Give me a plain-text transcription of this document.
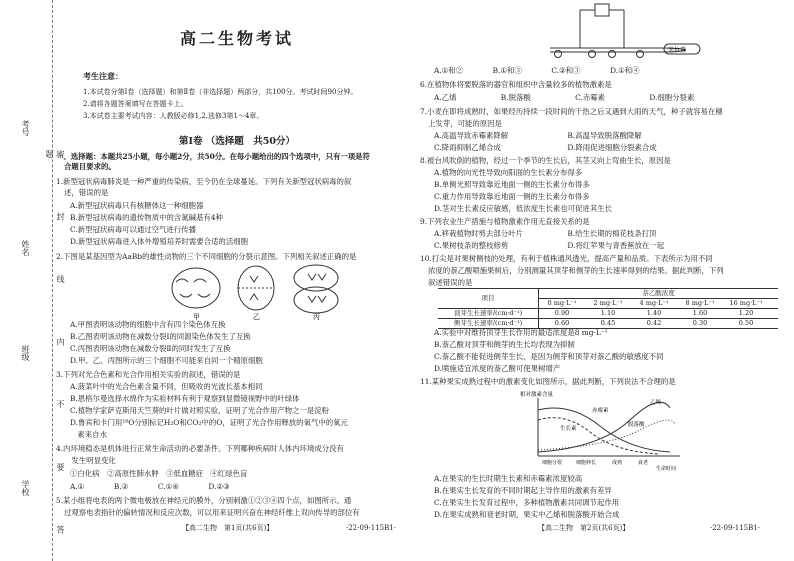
考号
姓名
班级
学校	密 封 线 内 不 要 答 题
高二生物考试
考生注意：
1.本试卷分第Ⅰ卷（选择题）和第Ⅱ卷（非选择题）两部分，共100分。考试时间90分钟。
2.请将各题答案填写在答题卡上。
3.本试卷主要考试内容：人教版必修1,2,选修3第1～4章。
第Ⅰ卷 （选择题　共50分）
一、选择题：本题共25小题，每小题2分，共50分。在每小题给出的四个选项中，只有一项是符
合题目要求的。
1.新型冠状病毒肺炎是一种严重的传染病，至今仍在全球蔓延。下列有关新型冠状病毒的叙
述，错误的是
A.新型冠状病毒只有核糖体这一种细胞器
B.新型冠状病毒的遗传物质中的含氮碱基有4种
C.新型冠状病毒可以通过空气进行传播
D.新型冠状病毒进入体外增殖培养时需要合适的活细胞
2.下图是某基因型为AaBb的雄性动物的三个不同细胞的分裂示意图。下列相关叙述正确的是
甲	乙	丙
A.甲图表明该动物的细胞中含有四个染色体互换
B.乙图表明该动物在减数分裂Ⅰ的同源染色体发生了互换
C.丙图表明该动物在减数分裂Ⅱ的同时发生了互换
D.甲、乙、丙图所示的三个细胞不可能来自同一个精原细胞
3.下列对光合色素和光合作用相关实验的叙述，错误的是
A.菠菜叶中的光合色素含量不同，但吸收的光波长基本相同
B.恩格尔曼选择水绵作为实验材料有利于观察到显微镜视野中的叶绿体
C.植物学家萨克斯用天竺葵的叶片做对照实验，证明了光合作用产物之一是淀粉
D.鲁宾和卡门用¹⁸O分别标记H₂O和CO₂中的O，证明了光合作用释放的氧气中的氧元
　素来自水
4.内环境稳态是机体进行正常生命活动的必要条件。下列哪种疾病时人体内环境成分没有
　发生明显变化
①白化病　②高原性肺水肿　③低血糖症　④红绿色盲
A.①　　　　B.②　　　　C.①④　　　　D.②③
5.某小组将电表的两个微电极放在神经元的膜外，分别刺激①②③④四个点，如图所示。通
过观察电表指针的偏转情况和反应次数，可以用来证明兴奋在神经纤维上双向传导的部位有
【高二生物　第1页(共6页)】	·22-09-115B1·
坐位置
A.①和②　　　　B.①和③　　　　C.②和③　　　　D.①和④
6.在植物体将要脱落的器官和组织中含量较多的植物激素是
A.乙烯　　　　　　B.脱落酸　　　　　　C.赤霉素　　　　　　D.细胞分裂素
7.小麦在即将成熟时，如果经历持续一段时间的干热之后又遇到大雨的天气，种子就容易在穗
上发芽，可能的原因是
A.高温导致赤霉素降解　　　　　　　　B.高温导致脱落酸降解
C.降雨抑制乙烯合成　　　　　　　　　D.降雨促进细胞分裂素合成
8.被台风吹倒的植物，经过一个季节的生长后，其茎又向上弯曲生长，原因是
A.植物的向光性导致向阳面的生长素分布得多
B.单侧光照导致靠近地面一侧的生长素分布得多
C.重力作用导致靠近地面一侧的生长素分布得多
D.茎对生长素反应敏感，低浓度生长素也可促进其生长
9.下列农业生产措施与植物激素作用无直接关系的是
A.移栽植物时剪去部分叶片　　　　　　B.给生长期的棉花枝条打顶
C.果树枝条的整枝修剪　　　　　　　　D.将红苹果与青香蕉放在一起
10.打尖是对果树侧枝的处理，有利于植株通风透光，提高产量和品质。下表所示为用不同
浓度的萘乙酸喷施果树后，分别测量其顶芽和侧芽的生长速率得到的结果。据此判断，下列
叙述错误的是
项目
萘乙酸浓度
0 mg·L⁻¹	2 mg·L⁻¹	4 mg·L⁻¹	8 mg·L⁻¹ 16 mg·L⁻¹
顶芽生长速率/(cm·d⁻¹)	0.90	1.10	1.40	1.60	1.20
侧芽生长速率/(cm·d⁻¹)	0.60	0.45	0.42	0.30	0.50
A.实验中对维持顶芽生长作用的最适浓度是8 mg·L⁻¹
B.萘乙酸对顶芽和侧芽的生长均表现为抑制
C.萘乙酸不能促进侧芽生长，是因为侧芽和顶芽对萘乙酸的敏感度不同
D.喷施适宜浓度的萘乙酸可使果树增产
11.某种果实成熟过程中的激素变化如图所示，据此判断，下列说法不合理的是
相对激素含量
赤霉素
乙烯
脱落酸
生长素
细胞分裂	细胞伸长	成熟	衰老
生命时间
A.在果实的生长时期生长素和赤霉素浓度较高
B.在果实生长发育的不同时期起主导作用的激素有差异
C.在果实生长发育过程中，多种植物激素共同调节起作用
D.在果实成熟和衰老时期，果实中乙烯和脱落酸开始合成
【高二生物　第2页(共6页)】	·22-09-115B1·
